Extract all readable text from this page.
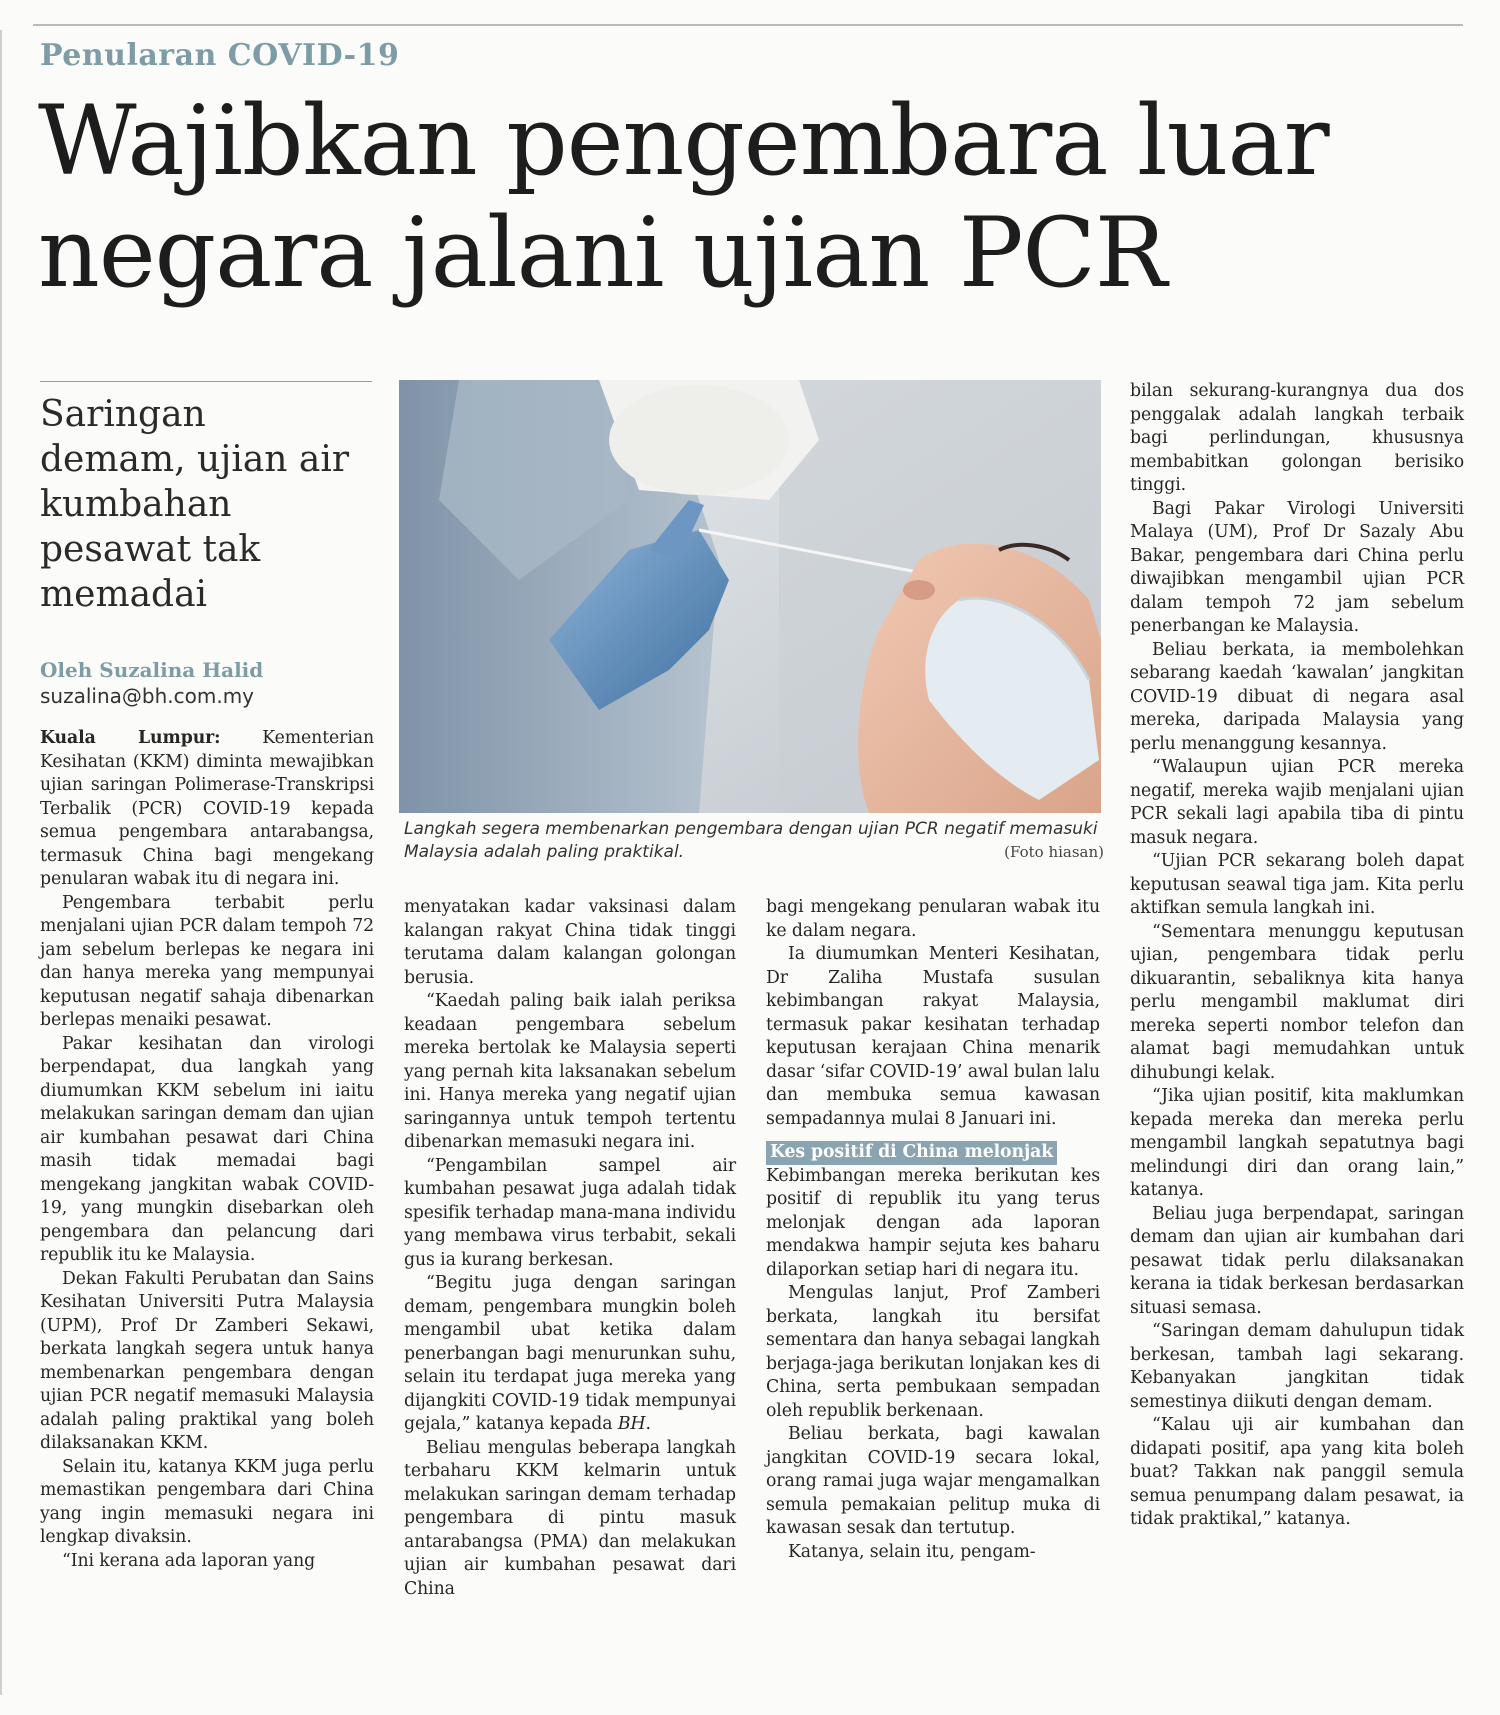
Penularan COVID-19
Wajibkan pengembara luar negara jalani ujian PCR
Saringan demam, ujian air kumbahan pesawat tak memadai
Oleh Suzalina Halid
suzalina@bh.com.my

Kuala Lumpur: Kementerian Kesihatan (KKM) diminta mewajibkan ujian saringan Polimerase-Transkripsi Terbalik (PCR) COVID-19 kepada semua pengembara antarabangsa, termasuk China bagi mengekang penularan wabak itu di negara ini.

Pengembara terbabit perlu menjalani ujian PCR dalam tempoh 72 jam sebelum berlepas ke negara ini dan hanya mereka yang mempunyai keputusan negatif sahaja dibenarkan berlepas menaiki pesawat.

Pakar kesihatan dan virologi berpendapat, dua langkah yang diumumkan KKM sebelum ini iaitu melakukan saringan demam dan ujian air kumbahan pesawat dari China masih tidak memadai bagi mengekang jangkitan wabak COVID-19, yang mungkin disebarkan oleh pengembara dan pelancung dari republik itu ke Malaysia.

Dekan Fakulti Perubatan dan Sains Kesihatan Universiti Putra Malaysia (UPM), Prof Dr Zamberi Sekawi, berkata langkah segera untuk hanya membenarkan pengembara dengan ujian PCR negatif memasuki Malaysia adalah paling praktikal yang boleh dilaksanakan KKM.

Selain itu, katanya KKM juga perlu memastikan pengembara dari China yang ingin memasuki negara ini lengkap divaksin.

“Ini kerana ada laporan yang

Langkah segera membenarkan pengembara dengan ujian PCR negatif memasuki Malaysia adalah paling praktikal.	(Foto hiasan)

menyatakan kadar vaksinasi dalam kalangan rakyat China tidak tinggi terutama dalam kalangan golongan berusia.

“Kaedah paling baik ialah periksa keadaan pengembara sebelum mereka bertolak ke Malaysia seperti yang pernah kita laksanakan sebelum ini. Hanya mereka yang negatif ujian saringannya untuk tempoh tertentu dibenarkan memasuki negara ini.

“Pengambilan sampel air kumbahan pesawat juga adalah tidak spesifik terhadap mana-mana individu yang membawa virus terbabit, sekali gus ia kurang berkesan.

“Begitu juga dengan saringan demam, pengembara mungkin boleh mengambil ubat ketika dalam penerbangan bagi menurunkan suhu, selain itu terdapat juga mereka yang dijangkiti COVID-19 tidak mempunyai gejala,” katanya kepada BH.

Beliau mengulas beberapa langkah terbaharu KKM kelmarin untuk melakukan saringan demam terhadap pengembara di pintu masuk antarabangsa (PMA) dan melakukan ujian air kumbahan pesawat dari China

bagi mengekang penularan wabak itu ke dalam negara.

Ia diumumkan Menteri Kesihatan, Dr Zaliha Mustafa susulan kebimbangan rakyat Malaysia, termasuk pakar kesihatan terhadap keputusan kerajaan China menarik dasar ‘sifar COVID-19’ awal bulan lalu dan membuka semua kawasan sempadannya mulai 8 Januari ini.

Kes positif di China melonjak

Kebimbangan mereka berikutan kes positif di republik itu yang terus melonjak dengan ada laporan mendakwa hampir sejuta kes baharu dilaporkan setiap hari di negara itu.

Mengulas lanjut, Prof Zamberi berkata, langkah itu bersifat sementara dan hanya sebagai langkah berjaga-jaga berikutan lonjakan kes di China, serta pembukaan sempadan oleh republik berkenaan.

Beliau berkata, bagi kawalan jangkitan COVID-19 secara lokal, orang ramai juga wajar mengamalkan semula pemakaian pelitup muka di kawasan sesak dan tertutup.

Katanya, selain itu, pengam-

bilan sekurang-kurangnya dua dos penggalak adalah langkah terbaik bagi perlindungan, khususnya membabitkan golongan berisiko tinggi.

Bagi Pakar Virologi Universiti Malaya (UM), Prof Dr Sazaly Abu Bakar, pengembara dari China perlu diwajibkan mengambil ujian PCR dalam tempoh 72 jam sebelum penerbangan ke Malaysia.

Beliau berkata, ia membolehkan sebarang kaedah ‘kawalan’ jangkitan COVID-19 dibuat di negara asal mereka, daripada Malaysia yang perlu menanggung kesannya.

“Walaupun ujian PCR mereka negatif, mereka wajib menjalani ujian PCR sekali lagi apabila tiba di pintu masuk negara.

“Ujian PCR sekarang boleh dapat keputusan seawal tiga jam. Kita perlu aktifkan semula langkah ini.

“Sementara menunggu keputusan ujian, pengembara tidak perlu dikuarantin, sebaliknya kita hanya perlu mengambil maklumat diri mereka seperti nombor telefon dan alamat bagi memudahkan untuk dihubungi kelak.

“Jika ujian positif, kita maklumkan kepada mereka dan mereka perlu mengambil langkah sepatutnya bagi melindungi diri dan orang lain,” katanya.

Beliau juga berpendapat, saringan demam dan ujian air kumbahan dari pesawat tidak perlu dilaksanakan kerana ia tidak berkesan berdasarkan situasi semasa.

“Saringan demam dahulupun tidak berkesan, tambah lagi sekarang. Kebanyakan jangkitan tidak semestinya diikuti dengan demam.

“Kalau uji air kumbahan dan didapati positif, apa yang kita boleh buat? Takkan nak panggil semula semua penumpang dalam pesawat, ia tidak praktikal,” katanya.
